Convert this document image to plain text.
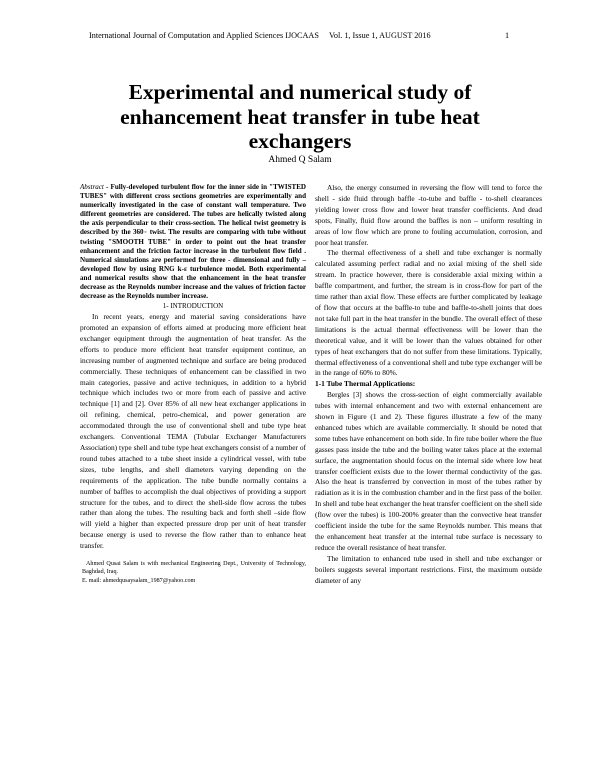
International Journal of Computation and Applied Sciences IJOCAAS Vol. 1, Issue 1, AUGUST 2016	1
Experimental and numerical study of enhancement heat transfer in tube heat exchangers
Ahmed Q Salam

Abstract - Fully-developed turbulent flow for the inner side in "TWISTED TUBES" with different cross sections geometries are experimentally and numerically investigated in the case of constant wall temperature. Two different geometries are considered. The tubes are helically twisted along the axis perpendicular to their cross-section. The helical twist geometry is described by the 360◦ twist. The results are comparing with tube without twisting "SMOOTH TUBE" in order to point out the heat transfer enhancement and the friction factor increase in the turbulent flow field . Numerical simulations are performed for three - dimensional and fully – developed flow by using RNG k-ε turbulence model. Both experimental and numerical results show that the enhancement in the heat transfer decrease as the Reynolds number increase and the values of friction factor decrease as the Reynolds number increase.

1- INTRODUCTION

In recent years, energy and material saving considerations have promoted an expansion of efforts aimed at producing more efficient heat exchanger equipment through the augmentation of heat transfer. As the efforts to produce more efficient heat transfer equipment continue, an increasing number of augmented technique and surface are being produced commercially. These techniques of enhancement can be classified in two main categories, passive and active techniques, in addition to a hybrid technique which includes two or more from each of passive and active technique [1] and [2]. Over 85% of all new heat exchanger applications in oil refining, chemical, petro-chemical, and power generation are accommodated through the use of conventional shell and tube type heat exchangers. Conventional TEMA (Tubular Exchanger Manufacturers Association) type shell and tube type heat exchangers consist of a number of round tubes attached to a tube sheet inside a cylindrical vessel, with tube sizes, tube lengths, and shell diameters varying depending on the requirements of the application. The tube bundle normally contains a number of baffles to accomplish the dual objectives of providing a support structure for the tubes, and to direct the shell-side flow across the tubes rather than along the tubes. The resulting back and forth shell –side flow will yield a higher than expected pressure drop per unit of heat transfer because energy is used to reverse the flow rather than to enhance heat transfer.

Ahmed Qusai Salam is with mechanical Engineering Dept., University of Technology, Baghdad, Iraq.
E. mail: ahmedqusaysalam_1987@yahoo.com

Also, the energy consumed in reversing the flow will tend to force the shell - side fluid through baffle -to-tube and baffle - to-shell clearances yielding lower cross flow and lower heat transfer coefficients. And dead spots, Finally, fluid flow around the baffles is non – uniform resulting in areas of low flow which are prone to fouling accumulation, corrosion, and poor heat transfer.

The thermal effectiveness of a shell and tube exchanger is normally calculated assuming perfect radial and no axial mixing of the shell side stream. In practice however, there is considerable axial mixing within a baffle compartment, and further, the stream is in cross-flow for part of the time rather than axial flow. These effects are further complicated by leakage of flow that occurs at the baffle-to tube and baffle-to-shell joints that does not take full part in the heat transfer in the bundle. The overall effect of these limitations is the actual thermal effectiveness will be lower than the theoretical value, and it will be lower than the values obtained for other types of heat exchangers that do not suffer from these limitations. Typically, thermal effectiveness of a conventional shell and tube type exchanger will be in the range of 60% to 80%.

1-1 Tube Thermal Applications:

Bergles [3] shows the cross-section of eight commercially available tubes with internal enhancement and two with external enhancement are shown in Figure (1 and 2). These figures illustrate a few of the many enhanced tubes which are available commercially. It should be noted that some tubes have enhancement on both side. In fire tube boiler where the flue gasses pass inside the tube and the boiling water takes place at the external surface, the augmentation should focus on the internal side where low heat transfer coefficient exists due to the lower thermal conductivity of the gas. Also the heat is transferred by convection in most of the tubes rather by radiation as it is in the combustion chamber and in the first pass of the boiler. In shell and tube heat exchanger the heat transfer coefficient on the shell side (flow over the tubes) is 100-200% greater than the convective heat transfer coefficient inside the tube for the same Reynolds number. This means that the enhancement heat transfer at the internal tube surface is necessary to reduce the overall resistance of heat transfer.

The limitation to enhanced tube used in shell and tube exchanger or boilers suggests several important restrictions. First, the maximum outside diameter of any
